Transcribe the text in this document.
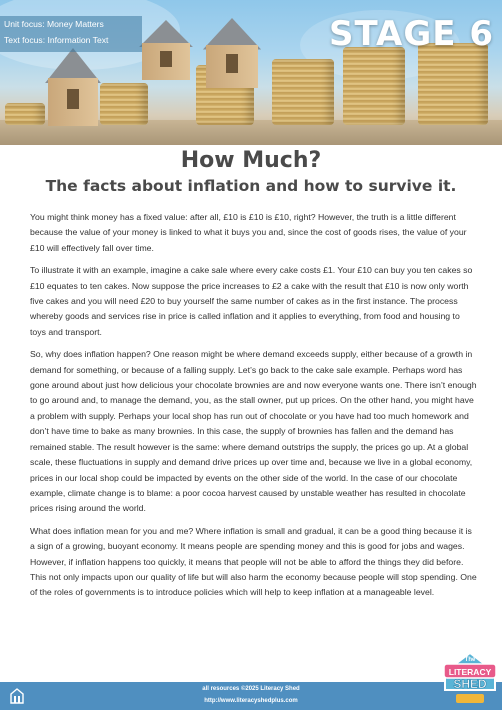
Unit focus: Money Matters
Text focus: Information Text	STAGE 6
How Much?
The facts about inflation and how to survive it.

You might think money has a fixed value: after all, £10 is £10 is £10, right? However, the truth is a little different because the value of your money is linked to what it buys you and, since the cost of goods rises, the value of your £10 will effectively fall over time.

To illustrate it with an example, imagine a cake sale where every cake costs £1. Your £10 can buy you ten cakes so £10 equates to ten cakes. Now suppose the price increases to £2 a cake with the result that £10 is now only worth five cakes and you will need £20 to buy yourself the same number of cakes as in the first instance. The process whereby goods and services rise in price is called inflation and it applies to everything, from food and housing to toys and transport.

So, why does inflation happen? One reason might be where demand exceeds supply, either because of a growth in demand for something, or because of a falling supply. Let’s go back to the cake sale example. Perhaps word has gone around about just how delicious your chocolate brownies are and now everyone wants one. There isn’t enough to go around and, to manage the demand, you, as the stall owner, put up prices. On the other hand, you might have a problem with supply. Perhaps your local shop has run out of chocolate or you have had too much homework and don’t have time to bake as many brownies. In this case, the supply of brownies has fallen and the demand has remained stable. The result however is the same: where demand outstrips the supply, the prices go up. At a global scale, these fluctuations in supply and demand drive prices up over time and, because we live in a global economy, prices in our local shop could be impacted by events on the other side of the world. In the case of our chocolate example, climate change is to blame: a poor cocoa harvest caused by unstable weather has resulted in chocolate prices rising around the world.

What does inflation mean for you and me? Where inflation is small and gradual, it can be a good thing because it is a sign of a growing, buoyant economy. It means people are spending money and this is good for jobs and wages. However, if inflation happens too quickly, it means that people will not be able to afford the things they did before. This not only impacts upon our quality of life but will also harm the economy because people will stop spending. One of the roles of governments is to introduce policies which will help to keep inflation at a manageable level.

all resources ©2025 Literacy Shed
http://www.literacyshedplus.com
The
LITERACY
SHED
